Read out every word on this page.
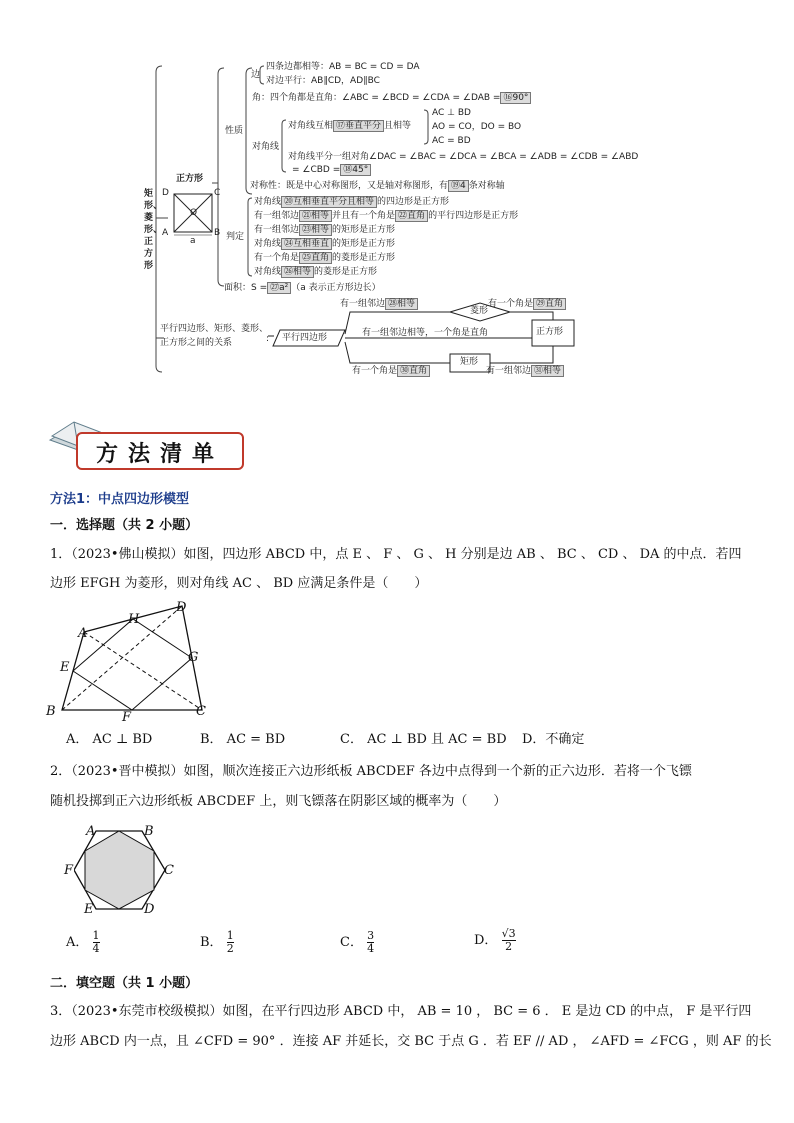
矩形、菱形、正方形
正方形
D	C
A	B
O
a
性质
边
四条边都相等：AB = BC = CD = DA
对边平行：AB∥CD，AD∥BC
角：四个角都是直角：∠ABC = ∠BCD = ∠CDA = ∠DAB = ⑯90°
对角线
对角线互相 ⑰垂直平分 且相等
AC ⊥ BD
AO = CO，DO = BO
AC = BD
对角线平分一组对角∠DAC = ∠BAC = ∠DCA = ∠BCA = ∠ADB = ∠CDB = ∠ABD
= ∠CBD = ⑱45°
对称性：既是中心对称图形，又是轴对称图形，有 ⑲4 条对称轴
判定
对角线 ⑳互相垂直平分且相等 的四边形是正方形
有一组邻边 ㉑相等 并且有一个角是 ㉒直角 的平行四边形是正方形
有一组邻边 ㉓相等 的矩形是正方形
对角线 ㉔互相垂直 的矩形是正方形
有一个角是 ㉕直角 的菱形是正方形
对角线 ㉖相等 的菱形是正方形
面积：S = ㉗a² （a 表示正方形边长）
平行四边形、矩形、菱形、
正方形之间的关系	: 平行四边形
菱形
正方形
矩形
有一组邻边 ㉘相等	有一个角是 ㉙直角
有一组邻边相等，一个角是直角
有一个角是 ㉚直角	有一组邻边 ㉛相等
方法清单
方法1：中点四边形模型
一．选择题（共 2 小题）
1．（2023•佛山模拟）如图，四边形 ABCD 中，点 E 、 F 、 G 、 H 分别是边 AB 、 BC 、 CD 、 DA 的中点．若四
边形 EFGH 为菱形，则对角线 AC 、 BD 应满足条件是（　　）
A
D
H
E
G
B	F	C
A． AC ⊥ BD	B． AC = BD	C． AC ⊥ BD 且 AC = BD D．不确定
2．（2023•晋中模拟）如图，顺次连接正六边形纸板 ABCDEF 各边中点得到一个新的正六边形．若将一个飞镖
随机投掷到正六边形纸板 ABCDEF 上，则飞镖落在阴影区域的概率为（　　）
A	B
C
D
E
F
A． $\frac{1}{4}$	B． $\frac{1}{2}$	C． $\frac{3}{4}$	D． $\frac{√3}{2}$
二．填空题（共 1 小题）
3．（2023•东莞市校级模拟）如图，在平行四边形 ABCD 中， AB = 10 ， BC = 6 ． E 是边 CD 的中点， F 是平行四
边形 ABCD 内一点，且 ∠CFD = 90° ．连接 AF 并延长，交 BC 于点 G ．若 EF // AD ， ∠AFD = ∠FCG ，则 AF 的长
